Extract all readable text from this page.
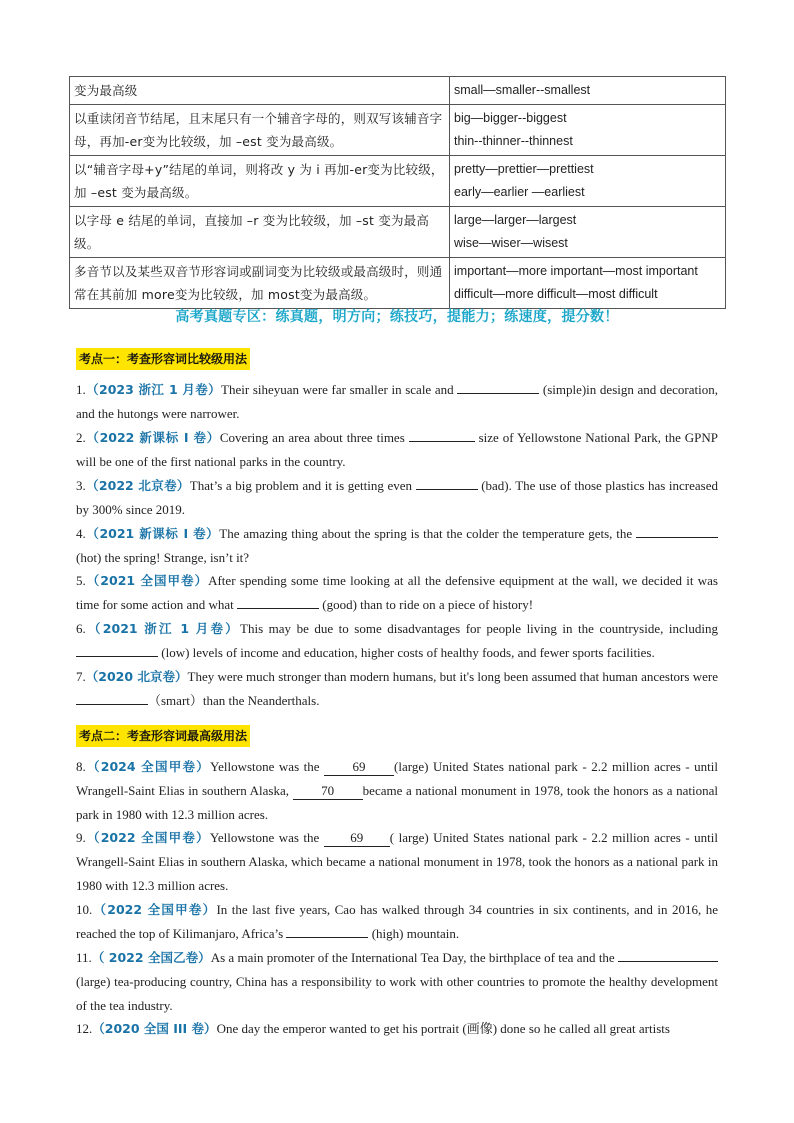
变为最高级	small—smaller--smallest

以重读闭音节结尾，且末尾只有一个辅音字母的，则双写该辅音字母，再加-er变为比较级，加 –est 变为最高级。	big—bigger--biggest
thin--thinner--thinnest

以“辅音字母+y”结尾的单词，则将改 y 为 i 再加-er变为比较级，加 –est 变为最高级。	pretty—prettier—prettiest
early—earlier —earliest

以字母 e 结尾的单词，直接加 –r 变为比较级，加 –st 变为最高级。	large—larger—largest
wise—wiser—wisest

多音节以及某些双音节形容词或副词变为比较级或最高级时，则通常在其前加 more变为比较级，加 most变为最高级。	important—more important—most important
difficult—more difficult—most difficult
高考真题专区：练真题，明方向；练技巧，提能力；练速度，提分数！
考点一：考查形容词比较级用法
1.（2023 浙江 1 月卷）Their siheyuan were far smaller in scale and	(simple)in design and decoration, and the hutongs were narrower.
2.（2022 新课标 I 卷）Covering an area about three times	size of Yellowstone National Park, the GPNP will be one of the first national parks in the country.
3.（2022 北京卷）That’s a big problem and it is getting even	(bad). The use of those plastics has increased by 300% since 2019.
4.（2021 新课标 I 卷）The amazing thing about the spring is that the colder the temperature gets, the  (hot) the spring! Strange, isn’t it?
5.（2021 全国甲卷）After spending some time looking at all the defensive equipment at the wall, we decided it was time for some action and what	(good) than to ride on a piece of history!
6.（2021 浙江 1 月卷）This may be due to some disadvantages for people living in the countryside, including  (low) levels of income and education, higher costs of healthy foods, and fewer sports facilities.
7.（2020 北京卷）They were much stronger than modern humans, but it's long been assumed that human ancestors were（smart）than the Neanderthals.
考点二：考查形容词最高级用法
8.（2024 全国甲卷）Yellowstone was the 69 (large) United States national park - 2.2 million acres - until Wrangell-Saint Elias in southern Alaska, 70 became a national monument in 1978, took the honors as a national park in 1980 with 12.3 million acres.
9.（2022 全国甲卷）Yellowstone was the 69 ( large) United States national park - 2.2 million acres - until Wrangell-Saint Elias in southern Alaska, which became a national monument in 1978, took the honors as a national park in 1980 with 12.3 million acres.
10.（2022 全国甲卷）In the last five years, Cao has walked through 34 countries in six continents, and in 2016, he reached the top of Kilimanjaro, Africa’s	(high) mountain.
11.（ 2022 全国乙卷）As a main promoter of the International Tea Day, the birthplace of tea and the  (large) tea-producing country, China has a responsibility to work with other countries to promote the healthy development of the tea industry.
12.（2020 全国 III 卷）One day the emperor wanted to get his portrait (画像) done so he called all great artists
